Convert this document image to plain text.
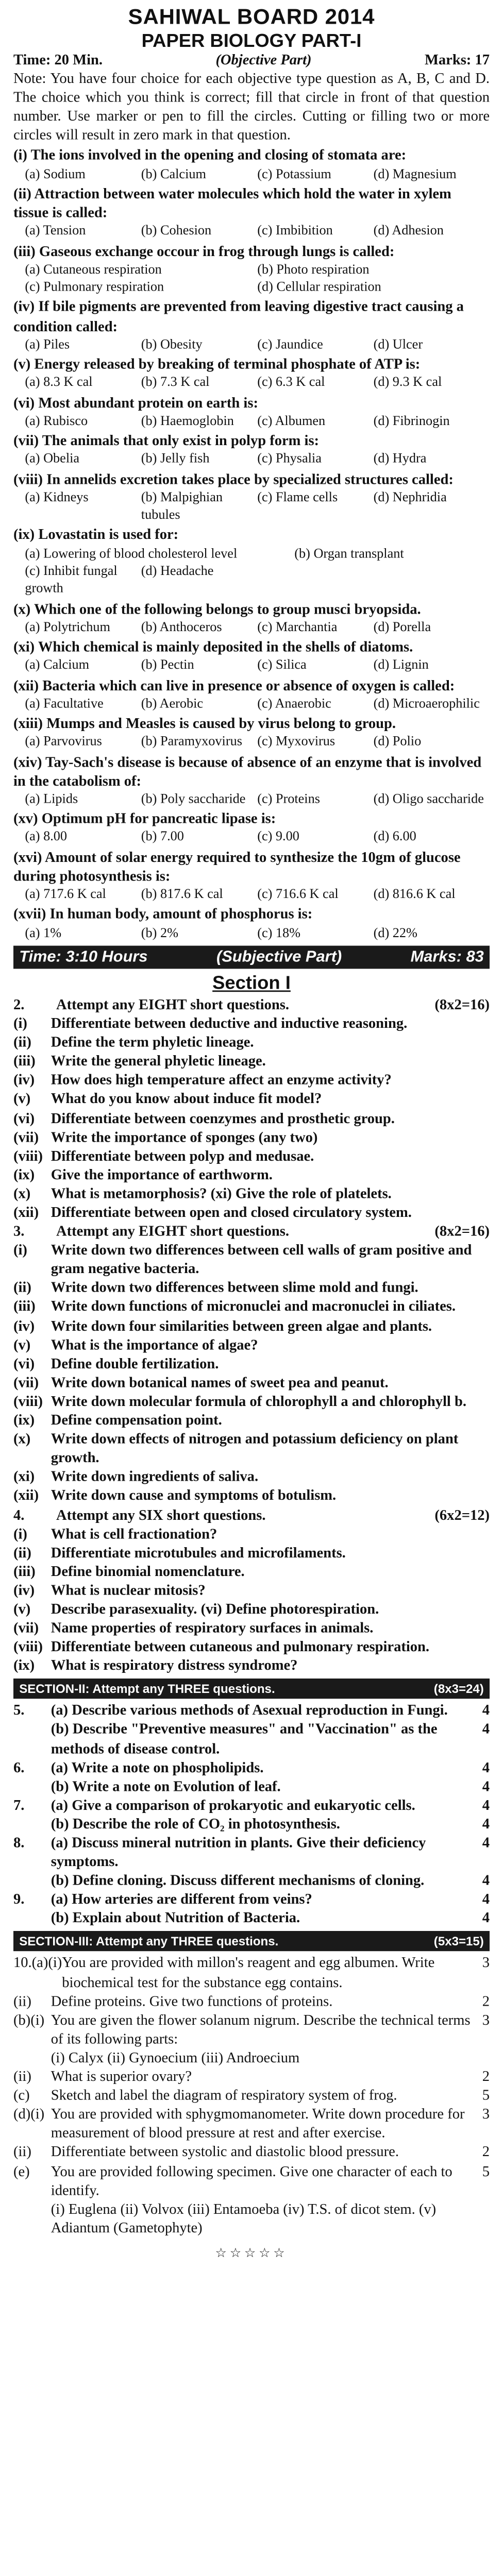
SAHIWAL BOARD 2014
PAPER BIOLOGY PART-I
Time: 20 Min.	(Objective Part)	Marks: 17
Note: You have four choice for each objective type question as A, B, C and D. The choice which you think is correct; fill that circle in front of that question number. Use marker or pen to fill the circles. Cutting or filling two or more circles will result in zero mark in that question.
(i) The ions involved in the opening and closing of stomata are:
(a) Sodium	(b) Calcium	(c) Potassium	(d) Magnesium
(ii) Attraction between water molecules which hold the water in xylem tissue is called:
(a) Tension	(b) Cohesion	(c) Imbibition	(d) Adhesion
(iii) Gaseous exchange occour in frog through lungs is called:
(a) Cutaneous respiration	(b) Photo respiration
(c) Pulmonary respiration	(d) Cellular respiration
(iv) If bile pigments are prevented from leaving digestive tract causing a condition called:
(a) Piles	(b) Obesity	(c) Jaundice	(d) Ulcer
(v) Energy released by breaking of terminal phosphate of ATP is:
(a) 8.3 K cal	(b) 7.3 K cal	(c) 6.3 K cal	(d) 9.3 K cal
(vi) Most abundant protein on earth is:
(a) Rubisco	(b) Haemoglobin	(c) Albumen	(d) Fibrinogin
(vii) The animals that only exist in polyp form is:
(a) Obelia	(b) Jelly fish	(c) Physalia	(d) Hydra
(viii) In annelids excretion takes place by specialized structures called:
(a) Kidneys	(b) Malpighian tubules
(c) Flame cells	(d) Nephridia
(ix) Lovastatin is used for:
(a) Lowering of blood cholesterol level	(b) Organ transplant
(c) Inhibit fungal growth
(d) Headache
(x) Which one of the following belongs to group musci bryopsida.
(a) Polytrichum	(b) Anthoceros	(c) Marchantia	(d) Porella
(xi) Which chemical is mainly deposited in the shells of diatoms.
(a) Calcium	(b) Pectin	(c) Silica	(d) Lignin
(xii) Bacteria which can live in presence or absence of oxygen is called:
(a) Facultative	(b) Aerobic	(c) Anaerobic	(d) Microaerophilic
(xiii) Mumps and Measles is caused by virus belong to group.
(a) Parvovirus	(b) Paramyxovirus	(c) Myxovirus	(d) Polio
(xiv) Tay-Sach's disease is because of absence of an enzyme that is involved in the catabolism of:
(a) Lipids	(b) Poly saccharide	(c) Proteins	(d) Oligo saccharide
(xv) Optimum pH for pancreatic lipase is:
(a) 8.00	(b) 7.00	(c) 9.00	(d) 6.00
(xvi) Amount of solar energy required to synthesize the 10gm of glucose during photosynthesis is:
(a) 717.6 K cal	(b) 817.6 K cal	(c) 716.6 K cal	(d) 816.6 K cal
(xvii) In human body, amount of phosphorus is:
(a) 1%	(b) 2%	(c) 18%	(d) 22%
Time: 3:10 Hours	(Subjective Part)	Marks: 83
Section I
2.	Attempt any EIGHT short questions.	(8x2=16)
(i)	Differentiate between deductive and inductive reasoning.
(ii)	Define the term phyletic lineage.
(iii)	Write the general phyletic lineage.
(iv)	How does high temperature affect an enzyme activity?
(v)	What do you know about induce fit model?
(vi)	Differentiate between coenzymes and prosthetic group.
(vii)	Write the importance of sponges (any two)
(viii)	Differentiate between polyp and medusae.
(ix)	Give the importance of earthworm.
(x)	What is metamorphosis? (xi) Give the role of platelets.
(xii)	Differentiate between open and closed circulatory system.
3.	Attempt any EIGHT short questions.	(8x2=16)
(i)	Write down two differences between cell walls of gram positive and gram negative bacteria.
(ii)	Write down two differences between slime mold and fungi.
(iii)	Write down functions of micronuclei and macronuclei in ciliates.
(iv)	Write down four similarities between green algae and plants.
(v)	What is the importance of algae?
(vi)	Define double fertilization.
(vii)	Write down botanical names of sweet pea and peanut.
(viii)	Write down molecular formula of chlorophyll a and chlorophyll b.
(ix)	Define compensation point.
(x)	Write down effects of nitrogen and potassium deficiency on plant growth.
(xi)	Write down ingredients of saliva.
(xii)	Write down cause and symptoms of botulism.
4.	Attempt any SIX short questions.	(6x2=12)
(i)	What is cell fractionation?
(ii)	Differentiate microtubules and microfilaments.
(iii)	Define binomial nomenclature.
(iv)	What is nuclear mitosis?
(v)	Describe parasexuality. (vi) Define photorespiration.
(vii)	Name properties of respiratory surfaces in animals.
(viii)	Differentiate between cutaneous and pulmonary respiration.
(ix)	What is respiratory distress syndrome?
SECTION-II: Attempt any THREE questions.	(8x3=24)
5.	(a) Describe various methods of Asexual reproduction in Fungi.	4
(b) Describe "Preventive measures" and "Vaccination" as the methods of disease control.
4
6.	(a) Write a note on phospholipids.	4
(b) Write a note on Evolution of leaf.	4
7.	(a) Give a comparison of prokaryotic and eukaryotic cells.	4
(b) Describe the role of CO₂ in photosynthesis.	4
8.	(a) Discuss mineral nutrition in plants. Give their deficiency symptoms.
4
(b) Define cloning. Discuss different mechanisms of cloning.	4
9.	(a) How arteries are different from veins?	4
(b) Explain about Nutrition of Bacteria.	4
SECTION-III: Attempt any THREE questions.	(5x3=15)
10.(a)(i) You are provided with millon's reagent and egg albumen. Write biochemical test for the substance egg contains.
3
(ii)	Define proteins. Give two functions of proteins.	2
(b)(i)	You are given the flower solanum nigrum. Describe the technical terms of its following parts:
3
(i) Calyx (ii) Gynoecium (iii) Androecium
(ii)	What is superior ovary?	2
(c)	Sketch and label the diagram of respiratory system of frog.	5
(d)(i)	You are provided with sphygmomanometer. Write down procedure for measurement of blood pressure at rest and after exercise.
3
(ii)	Differentiate between systolic and diastolic blood pressure.	2
(e)	You are provided following specimen. Give one character of each to identify.
5
(i) Euglena (ii) Volvox (iii) Entamoeba (iv) T.S. of dicot stem. (v) Adiantum (Gametophyte)
☆☆☆☆☆
